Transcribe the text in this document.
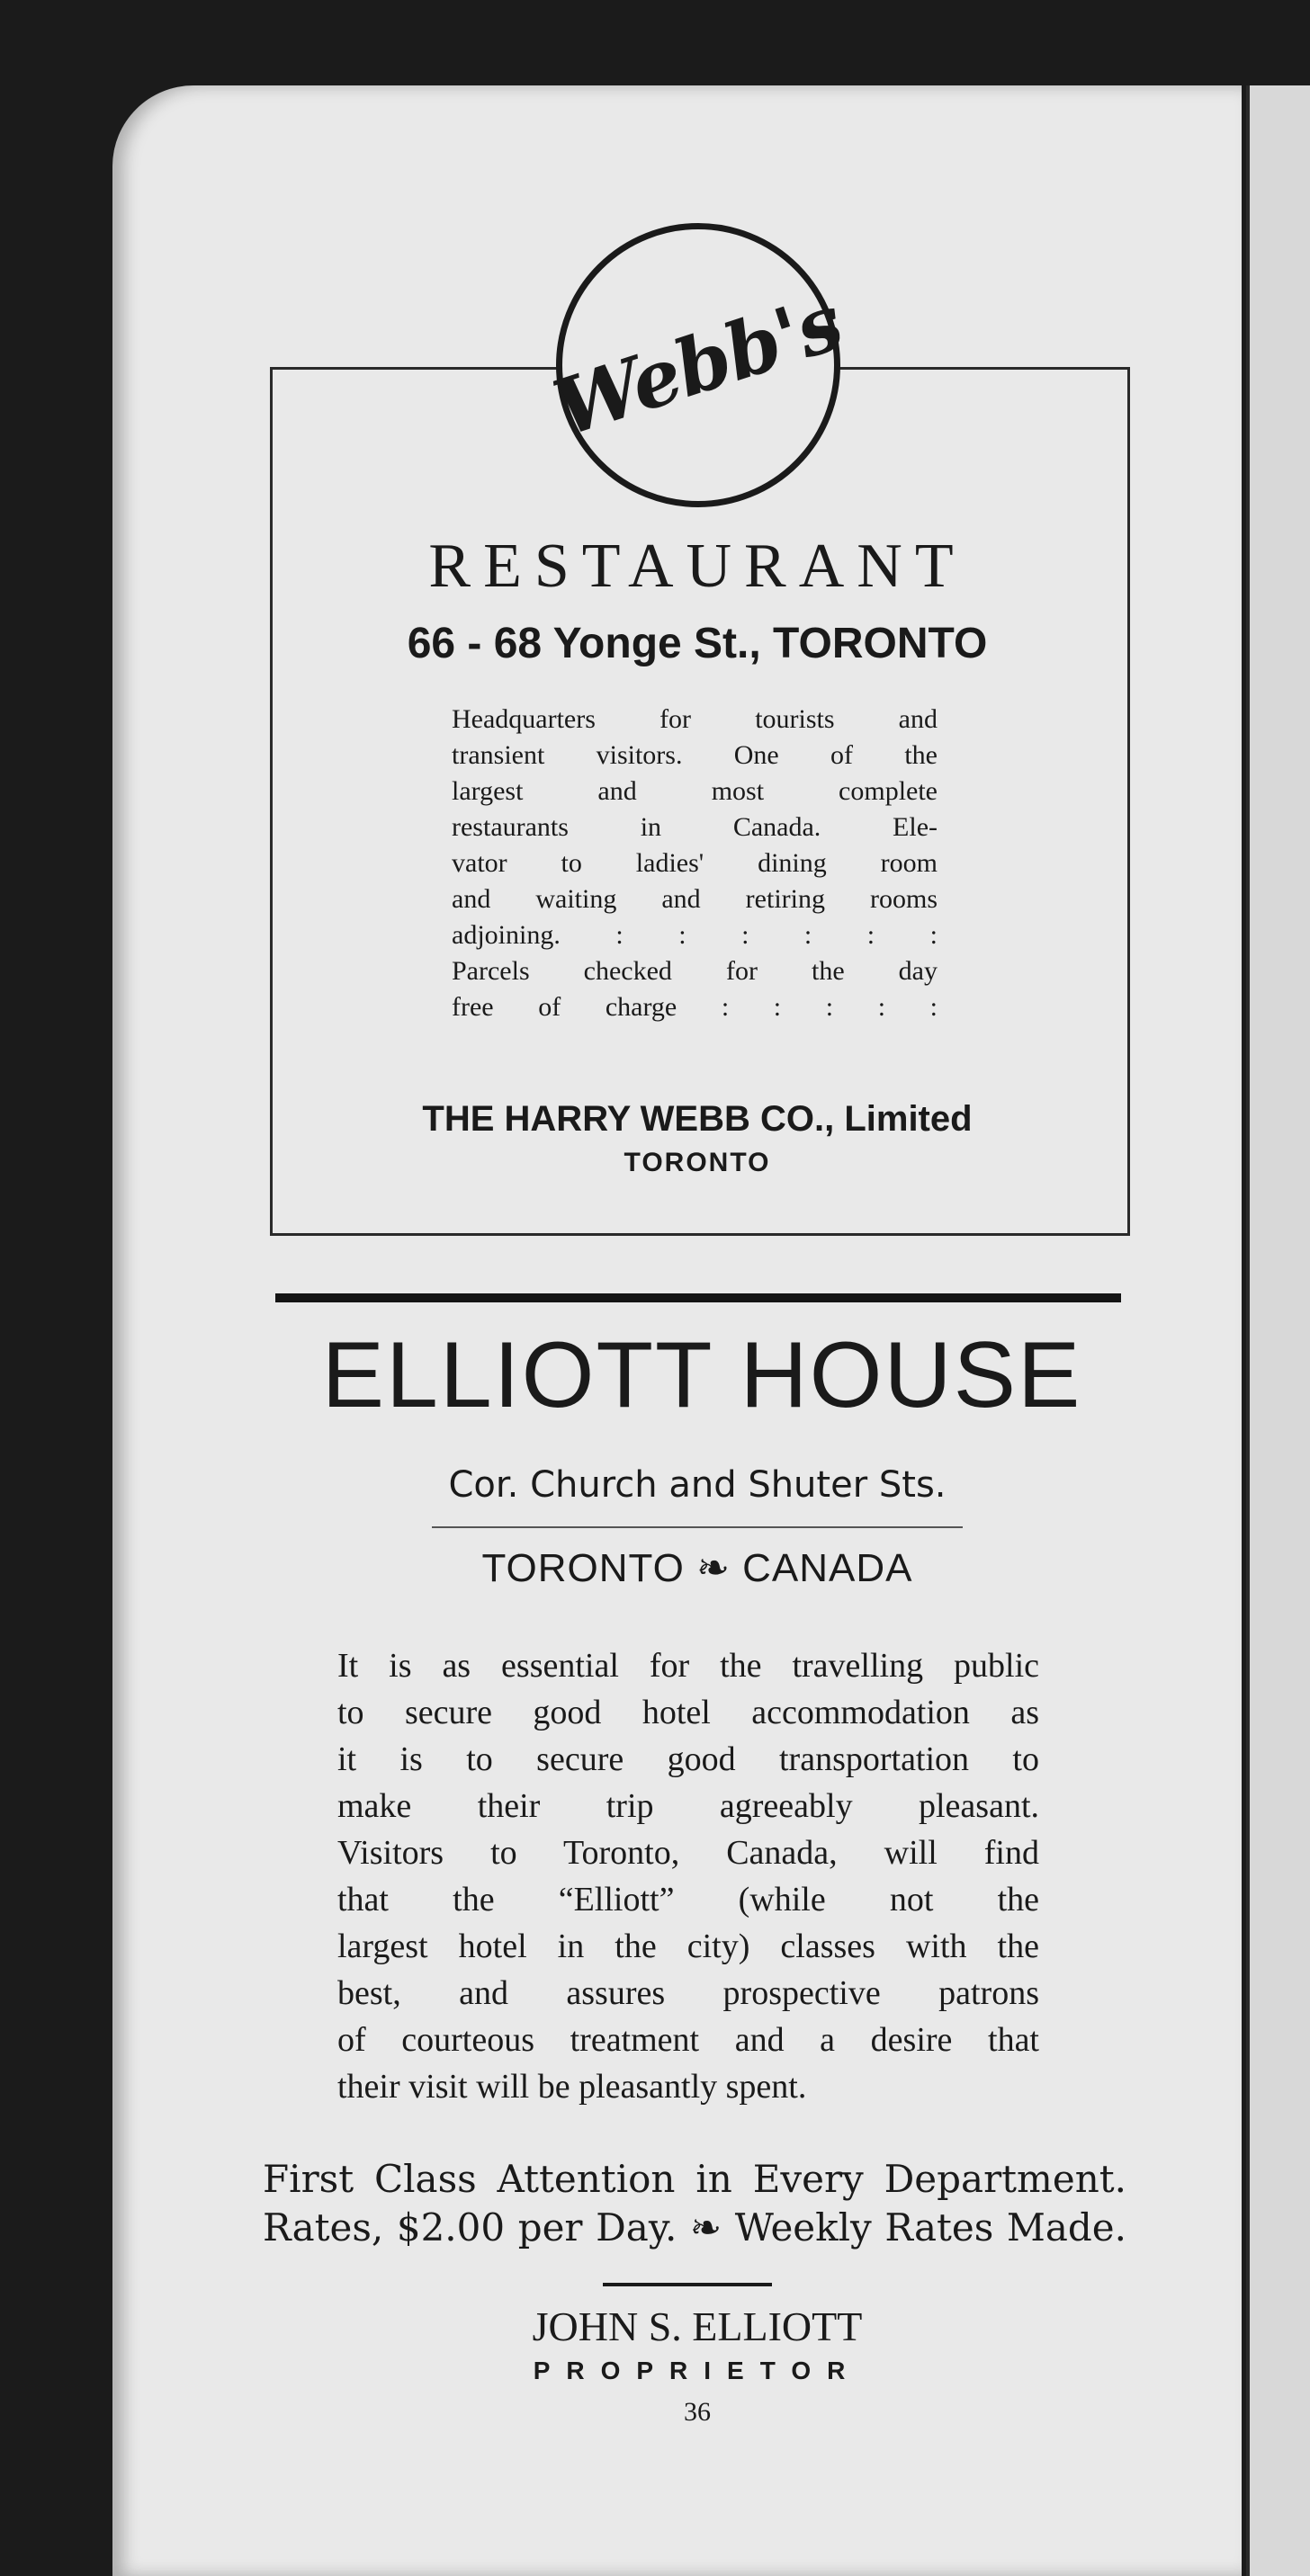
Webb's
RESTAURANT
66 - 68 Yonge St., TORONTO
Headquarters for tourists and
transient visitors. One of the
largest and most complete
restaurants in Canada. Ele-
vator to ladies' dining room
and waiting and retiring rooms
adjoining. : : : : : :
Parcels checked for the day
free of charge : : : : :
THE HARRY WEBB CO., Limited
TORONTO
ELLIOTT HOUSE
Cor. Church and Shuter Sts.
TORONTO ❧ CANADA
It is as essential for the travelling public
to secure good hotel accommodation as
it is to secure good transportation to
make their trip agreeably pleasant.
Visitors to Toronto, Canada, will find
that the “Elliott” (while not the
largest hotel in the city) classes with the
best, and assures prospective patrons
of courteous treatment and a desire that
their visit will be pleasantly spent.
First Class Attention in Every Department.
Rates, $2.00 per Day. ❧ Weekly Rates Made.
JOHN S. ELLIOTT
PROPRIETOR
36
